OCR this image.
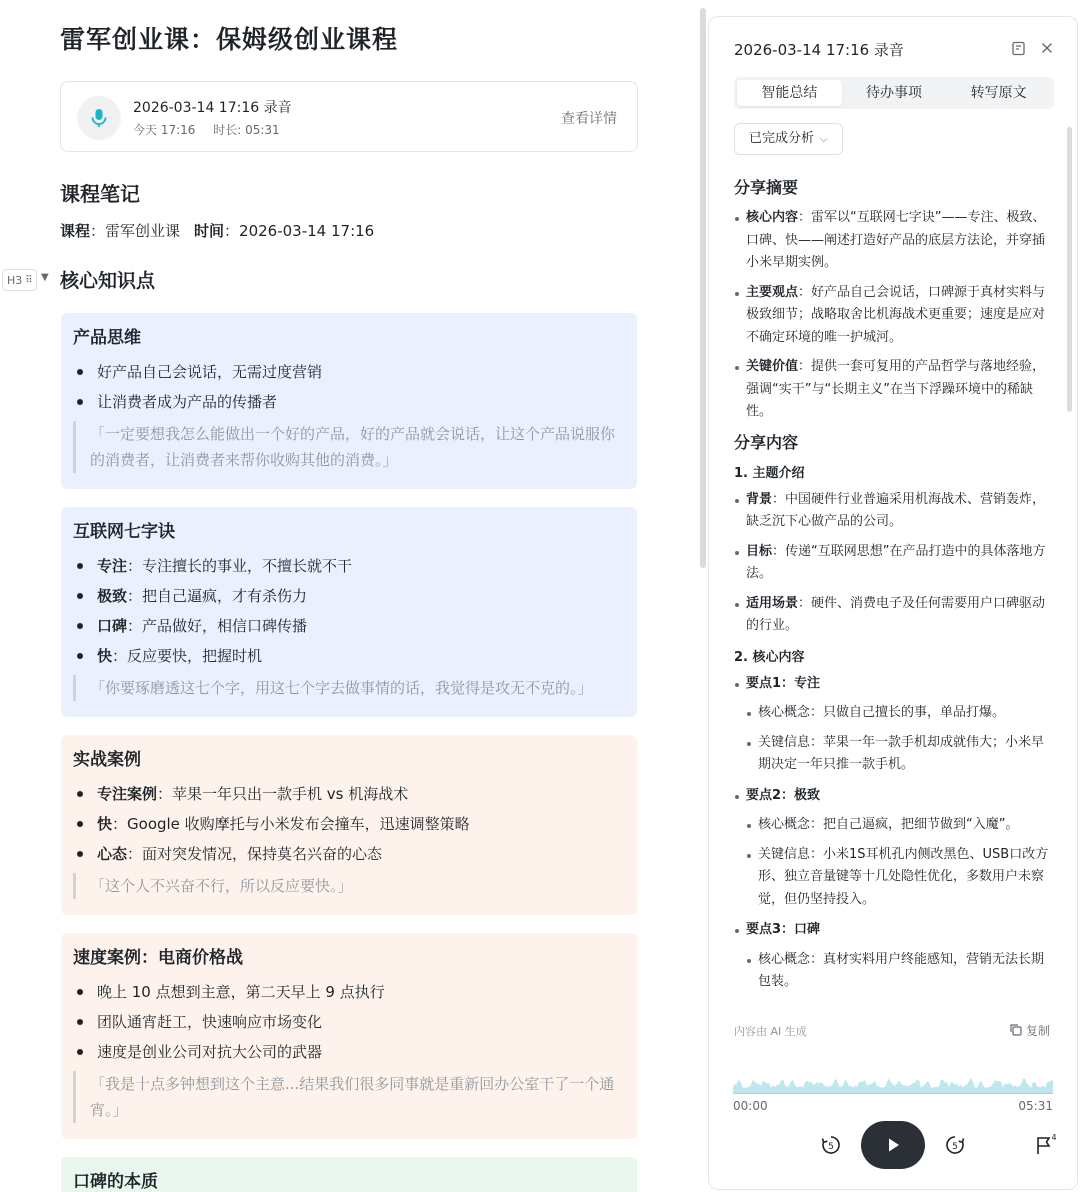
雷军创业课：保姆级创业课程
2026-03-14 17:16 录音
今天 17:16 时长: 05:31
查看详情
课程笔记
课程：雷军创业课 时间：2026-03-14 17:16
H3 ⠿ ▼ 核心知识点
产品思维
好产品自己会说话，无需过度营销
让消费者成为产品的传播者
「一定要想我怎么能做出一个好的产品，好的产品就会说话，让这个产品说服你的消费者，让消费者来帮你收购其他的消费。」
互联网七字诀
专注：专注擅长的事业，不擅长就不干
极致：把自己逼疯，才有杀伤力
口碑：产品做好，相信口碑传播
快：反应要快，把握时机
「你要琢磨透这七个字，用这七个字去做事情的话，我觉得是攻无不克的。」
实战案例
专注案例：苹果一年只出一款手机 vs 机海战术
快：Google 收购摩托与小米发布会撞车，迅速调整策略
心态：面对突发情况，保持莫名兴奋的心态
「这个人不兴奋不行，所以反应要快。」
速度案例：电商价格战
晚上 10 点想到主意，第二天早上 9 点执行
团队通宵赶工，快速响应市场变化
速度是创业公司对抗大公司的武器
「我是十点多钟想到这个主意...结果我们很多同事就是重新回办公室干了一个通宵。」
口碑的本质
2026-03-14 17:16 录音
智能总结	待办事项	转写原文
已完成分析 ⌵
分享摘要
核心内容：雷军以“互联网七字诀”——专注、极致、口碑、快——阐述打造好产品的底层方法论，并穿插小米早期实例。
主要观点：好产品自己会说话，口碑源于真材实料与极致细节；战略取舍比机海战术更重要；速度是应对不确定环境的唯一护城河。
关键价值：提供一套可复用的产品哲学与落地经验，强调“实干”与“长期主义”在当下浮躁环境中的稀缺性。
分享内容
1. 主题介绍
背景：中国硬件行业普遍采用机海战术、营销轰炸，缺乏沉下心做产品的公司。
目标：传递“互联网思想”在产品打造中的具体落地方法。
适用场景：硬件、消费电子及任何需要用户口碑驱动的行业。
2. 核心内容
要点1：专注
核心概念：只做自己擅长的事，单品打爆。
关键信息：苹果一年一款手机却成就伟大；小米早期决定一年只推一款手机。
要点2：极致
核心概念：把自己逼疯，把细节做到“入魔”。
关键信息：小米1S耳机孔内侧改黑色、USB口改方形、独立音量键等十几处隐性优化，多数用户未察觉，但仍坚持投入。
要点3：口碑
核心概念：真材实料用户终能感知，营销无法长期包装。
内容由 AI 生成	复制
00:00	05:31
5	5
4
